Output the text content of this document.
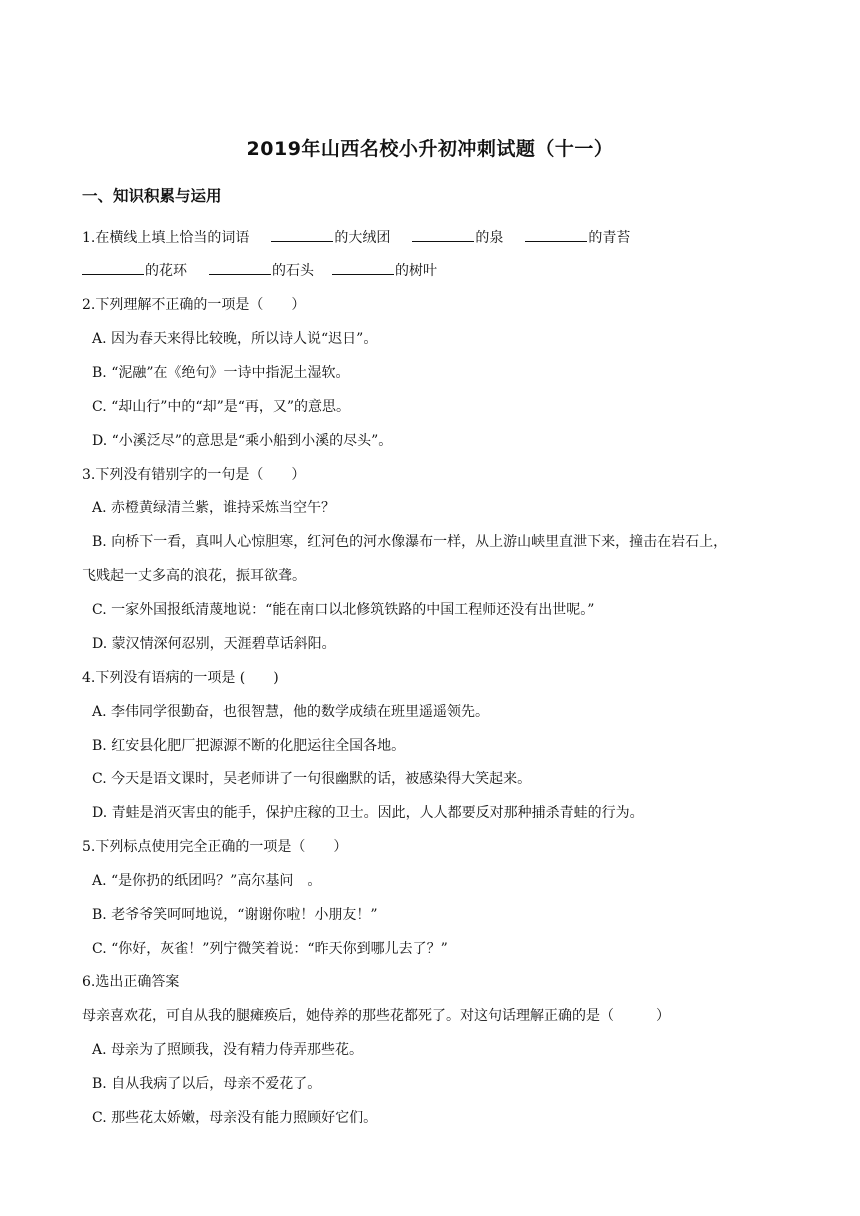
2019年山西名校小升初冲刺试题（十一）
一、知识积累与运用
1.在横线上填上恰当的词语	的大绒团	的泉	的青苔
的花环	的石头	的树叶
2.下列理解不正确的一项是（　　）
A. 因为春天来得比较晚，所以诗人说“迟日”。
B. “泥融”在《绝句》一诗中指泥土湿软。
C. “却山行”中的“却”是“再，又”的意思。
D. “小溪泛尽”的意思是“乘小船到小溪的尽头”。
3.下列没有错别字的一句是（　　）
A. 赤橙黄绿清兰紫，谁持采炼当空午？
B. 向桥下一看，真叫人心惊胆寒，红河色的河水像瀑布一样，从上游山峡里直泄下来，撞击在岩石上，
飞贱起一丈多高的浪花，振耳欲聋。
C. 一家外国报纸清蔑地说：“能在南口以北修筑铁路的中国工程师还没有出世呢。”
D. 蒙汉情深何忍别，天涯碧草话斜阳。
4.下列没有语病的一项是 (　　)
A. 李伟同学很勤奋，也很智慧，他的数学成绩在班里遥遥领先。
B. 红安县化肥厂把源源不断的化肥运往全国各地。
C. 今天是语文课时，吴老师讲了一句很幽默的话，被感染得大笑起来。
D. 青蛙是消灭害虫的能手，保护庄稼的卫士。因此，人人都要反对那种捕杀青蛙的行为。
5.下列标点使用完全正确的一项是（　　）
A. “是你扔的纸团吗？”高尔基问　。
B. 老爷爷笑呵呵地说，“谢谢你啦！小朋友！”
C. “你好，灰雀！”列宁微笑着说：“昨天你到哪儿去了？”
6.选出正确答案
母亲喜欢花，可自从我的腿瘫痪后，她侍养的那些花都死了。对这句话理解正确的是（　　　）
A. 母亲为了照顾我，没有精力侍弄那些花。
B. 自从我病了以后，母亲不爱花了。
C. 那些花太娇嫩，母亲没有能力照顾好它们。
